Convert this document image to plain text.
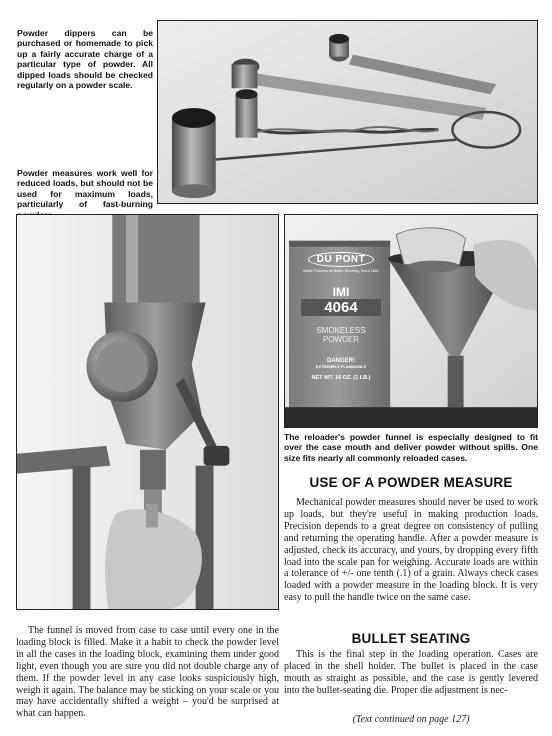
Powder dippers can be purchased or homemade to pick up a fairly accurate charge of a particular type of powder. All dipped loads should be checked regularly on a powder scale.
Powder measures work well for reduced loads, but should not be used for maximum loads, particularly of fast-burning
DU PONT
Better Powders for Better Shooting, Since 1802
IMI
4064
SMOKELESS
POWDER
DANGER!
EXTREMELY FLAMMABLE
NET WT. 16 OZ. (1 LB.)
The reloader's powder funnel is especially designed to fit over the case mouth and deliver powder without spills. One size fits nearly all commonly reloaded cases.
The funnel is moved from case to case until every one in the loading block is filled. Make it a habit to check the powder level in all the cases in the loading block, examining them under good light, even though you are sure you did not double charge any of them. If the powder level in any case looks suspiciously high, weigh it again. The balance may be sticking on your scale or you may have accidentally shifted a weight – you'd be surprised at what can happen.
USE OF A POWDER MEASURE
Mechanical powder measures should never be used to work up loads, but they're useful in making production loads. Precision depends to a great degree on consistency of pulling and returning the operating handle. After a powder measure is adjusted, check its accuracy, and yours, by dropping every fifth load into the scale pan for weighing. Accurate loads are within a tolerance of +/- one tenth (.1) of a grain. Always check cases loaded with a powder measure in the loading block. It is very easy to pull the handle twice on the same case.
BULLET SEATING
This is the final step in the loading operation. Cases are placed in the shell holder. The bullet is placed in the case mouth as straight as possible, and the case is gently levered into the bullet-seating die. Proper die adjustment is nec-
(Text continued on page 127)
